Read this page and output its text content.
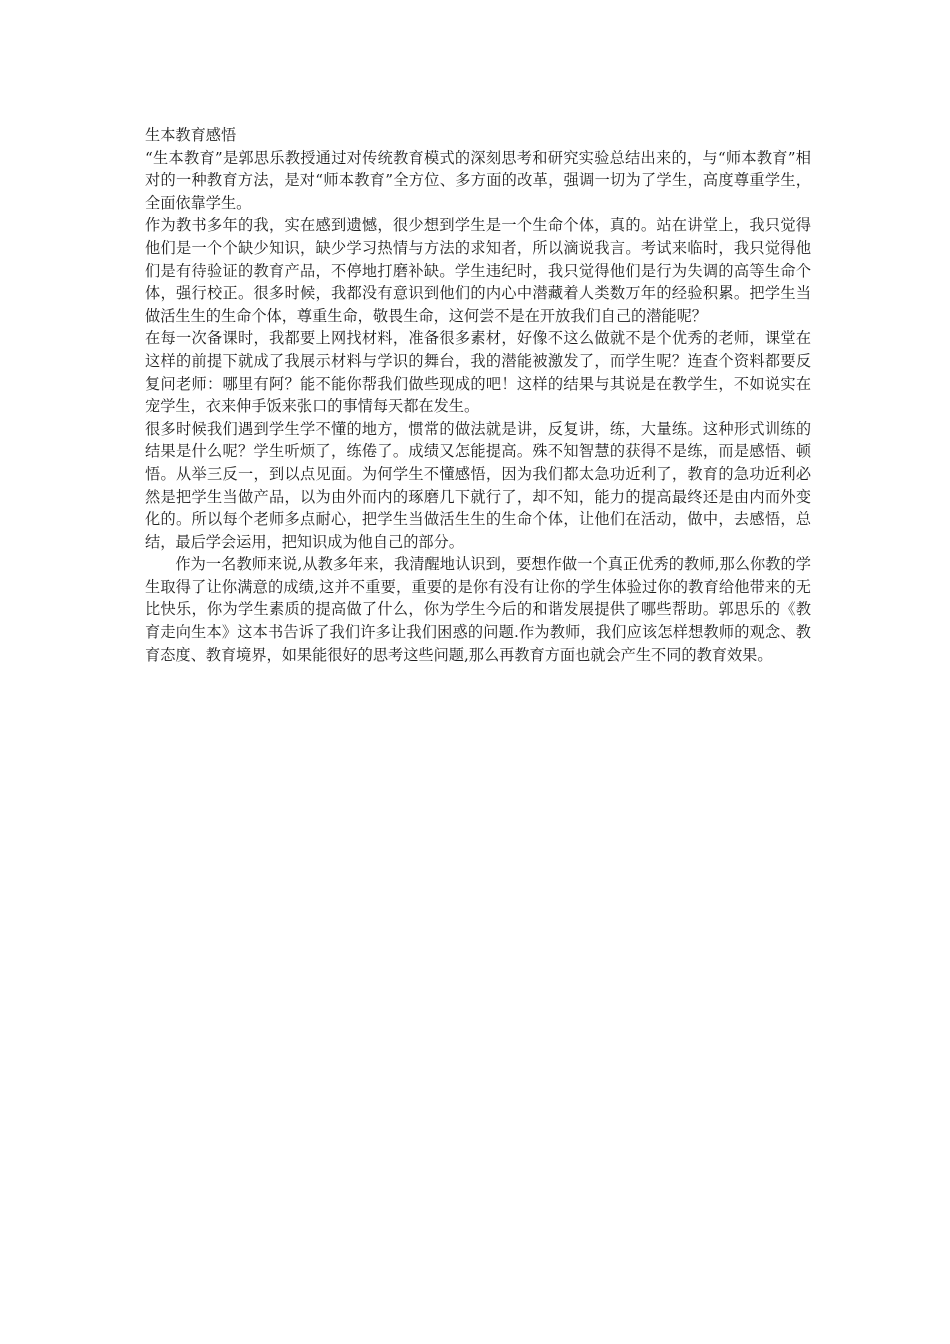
生本教育感悟

“生本教育”是郭思乐教授通过对传统教育模式的深刻思考和研究实验总结出来的，与“师本教育”相对的一种教育方法，是对“师本教育”全方位、多方面的改革，强调一切为了学生，高度尊重学生，全面依靠学生。

作为教书多年的我，实在感到遗憾，很少想到学生是一个生命个体，真的。站在讲堂上，我只觉得他们是一个个缺少知识，缺少学习热情与方法的求知者，所以滴说我言。考试来临时，我只觉得他们是有待验证的教育产品，不停地打磨补缺。学生违纪时，我只觉得他们是行为失调的高等生命个体，强行校正。很多时候，我都没有意识到他们的内心中潜藏着人类数万年的经验积累。把学生当做活生生的生命个体，尊重生命，敬畏生命，这何尝不是在开放我们自己的潜能呢？

在每一次备课时，我都要上网找材料，准备很多素材，好像不这么做就不是个优秀的老师，课堂在这样的前提下就成了我展示材料与学识的舞台，我的潜能被激发了，而学生呢？连查个资料都要反复问老师：哪里有阿？能不能你帮我们做些现成的吧！这样的结果与其说是在教学生，不如说实在宠学生，衣来伸手饭来张口的事情每天都在发生。

很多时候我们遇到学生学不懂的地方，惯常的做法就是讲，反复讲，练，大量练。这种形式训练的结果是什么呢？学生听烦了，练倦了。成绩又怎能提高。殊不知智慧的获得不是练，而是感悟、顿悟。从举三反一，到以点见面。为何学生不懂感悟，因为我们都太急功近利了，教育的急功近利必然是把学生当做产品，以为由外而内的琢磨几下就行了，却不知，能力的提高最终还是由内而外变化的。所以每个老师多点耐心，把学生当做活生生的生命个体，让他们在活动，做中，去感悟，总结，最后学会运用，把知识成为他自己的部分。

作为一名教师来说,从教多年来，我清醒地认识到，要想作做一个真正优秀的教师,那么你教的学生取得了让你满意的成绩,这并不重要，重要的是你有没有让你的学生体验过你的教育给他带来的无比快乐，你为学生素质的提高做了什么，你为学生今后的和谐发展提供了哪些帮助。郭思乐的《教育走向生本》这本书告诉了我们许多让我们困惑的问题.作为教师，我们应该怎样想教师的观念、教育态度、教育境界，如果能很好的思考这些问题,那么再教育方面也就会产生不同的教育效果。
